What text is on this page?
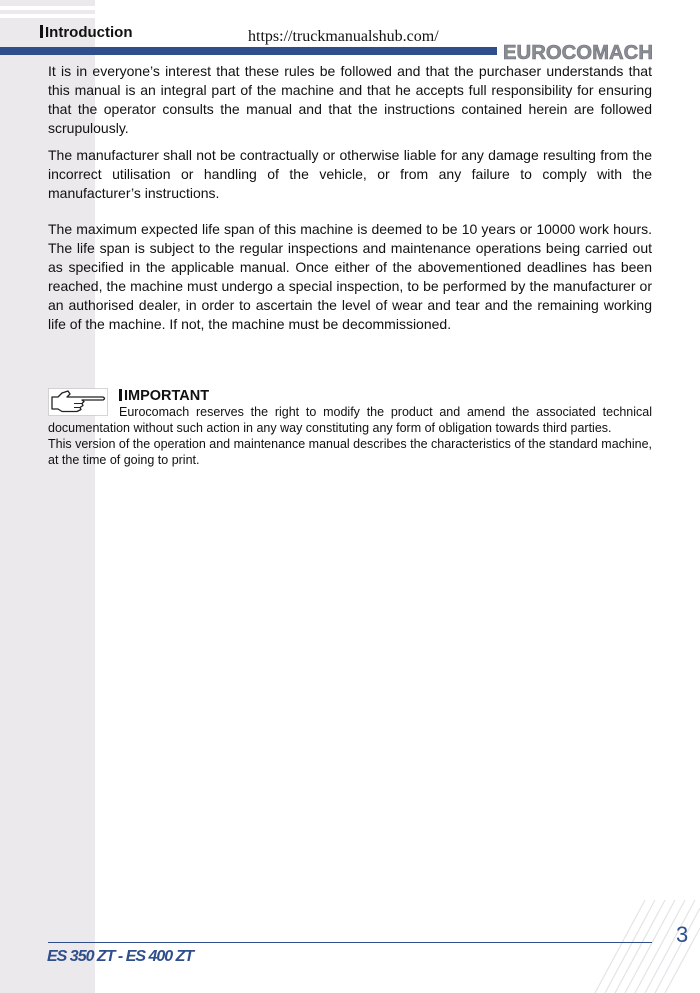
Introduction	https://truckmanualshub.com/
EUROCOMACH

It is in everyone’s interest that these rules be followed and that the purchaser understands that this manual is an integral part of the machine and that he accepts full responsibility for ensuring that the operator consults the manual and that the instructions contained herein are followed scrupulously.

The manufacturer shall not be contractually or otherwise liable for any damage resulting from the incorrect utilisation or handling of the vehicle, or from any failure to comply with the manufacturer’s instructions.

The maximum expected life span of this machine is deemed to be 10 years or 10000 work hours. The life span is subject to the regular inspections and maintenance operations being carried out as specified in the applicable manual. Once either of the abovementioned deadlines has been reached, the machine must undergo a special inspection, to be performed by the manufacturer or an authorised dealer, in order to ascertain the level of wear and tear and the remaining working life of the machine. If not, the machine must be decommissioned.

IMPORTANT

Eurocomach reserves the right to modify the product and amend the associated technical documentation without such action in any way constituting any form of obligation towards third parties.

This version of the operation and maintenance manual describes the characteristics of the standard machine, at the time of going to print.

ES 350 ZT - ES 400 ZT
3
